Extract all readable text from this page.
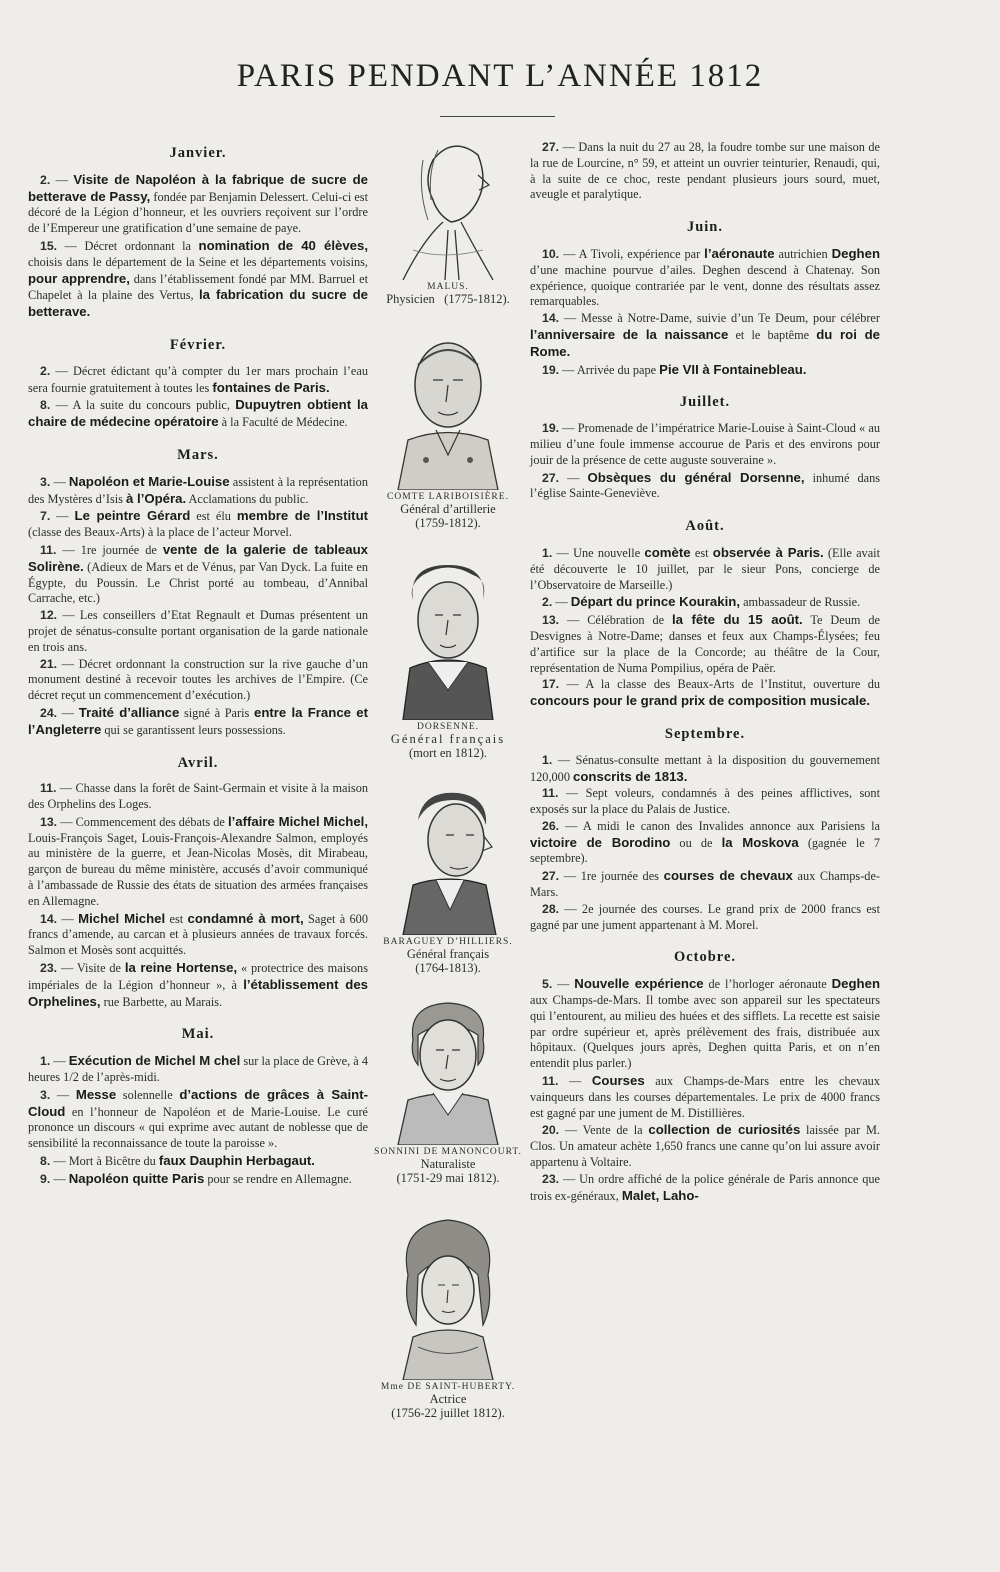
PARIS PENDANT L’ANNÉE 1812
Janvier.
2. — Visite de Napoléon à la fabrique de sucre de betterave de Passy, fondée par Benjamin Delessert. Celui-ci est décoré de la Légion d’honneur, et les ouvriers reçoivent sur l’ordre de l’Empereur une gratification d’une semaine de paye.
15. — Décret ordonnant la nomination de 40 élèves, choisis dans le département de la Seine et les départements voisins, pour apprendre, dans l’établissement fondé par MM. Barruel et Chapelet à la plaine des Vertus, la fabrication du sucre de betterave.
Février.
2. — Décret édictant qu’à compter du 1er mars prochain l’eau sera fournie gratuitement à toutes les fontaines de Paris.
8. — A la suite du concours public, Dupuytren obtient la chaire de médecine opératoire à la Faculté de Médecine.
Mars.
3. — Napoléon et Marie-Louise assistent à la représentation des Mystères d’Isis à l’Opéra. Acclamations du public.
7. — Le peintre Gérard est élu membre de l’Institut (classe des Beaux-Arts) à la place de l’acteur Morvel.
11. — 1re journée de vente de la galerie de tableaux Solirène. (Adieux de Mars et de Vénus, par Van Dyck. La fuite en Égypte, du Poussin. Le Christ porté au tombeau, d’Annibal Carrache, etc.)
12. — Les conseillers d’Etat Regnault et Dumas présentent un projet de sénatus-consulte portant organisation de la garde nationale en trois ans.
21. — Décret ordonnant la construction sur la rive gauche d’un monument destiné à recevoir toutes les archives de l’Empire. (Ce décret reçut un commencement d’exécution.)
24. — Traité d’alliance signé à Paris entre la France et l’Angleterre qui se garantissent leurs possessions.
Avril.
11. — Chasse dans la forêt de Saint-Germain et visite à la maison des Orphelins des Loges.
13. — Commencement des débats de l’affaire Michel Michel, Louis-François Saget, Louis-François-Alexandre Salmon, employés au ministère de la guerre, et Jean-Nicolas Mosès, dit Mirabeau, garçon de bureau du même ministère, accusés d’avoir communiqué à l’ambassade de Russie des états de situation des armées françaises en Allemagne.
14. — Michel Michel est condamné à mort, Saget à 600 francs d’amende, au carcan et à plusieurs années de travaux forcés. Salmon et Mosès sont acquittés.
23. — Visite de la reine Hortense, « protectrice des maisons impériales de la Légion d’honneur », à l’établissement des Orphelines, rue Barbette, au Marais.
Mai.
1. — Exécution de Michel M chel sur la place de Grève, à 4 heures 1/2 de l’après-midi.
3. — Messe solennelle d’actions de grâces à Saint-Cloud en l’honneur de Napoléon et de Marie-Louise. Le curé prononce un discours « qui exprime avec autant de noblesse que de sensibilité la reconnaissance de toute la paroisse ».
8. — Mort à Bicêtre du faux Dauphin Herbagaut.
9. — Napoléon quitte Paris pour se rendre en Allemagne.
MALUS.
Physicien (1775-1812).
COMTE LARIBOISIÈRE.
Général d’artillerie
(1759-1812).
DORSENNE.
Général français
(mort en 1812).
BARAGUEY D’HILLIERS.
Général français
(1764-1813).
SONNINI DE MANONCOURT.
Naturaliste
(1751-29 mai 1812).
Mme DE SAINT-HUBERTY.
Actrice
(1756-22 juillet 1812).
27. — Dans la nuit du 27 au 28, la foudre tombe sur une maison de la rue de Lourcine, n° 59, et atteint un ouvrier teinturier, Renaudi, qui, à la suite de ce choc, reste pendant plusieurs jours sourd, muet, aveugle et paralytique.
Juin.
10. — A Tivoli, expérience par l’aéronaute autrichien Deghen d’une machine pourvue d’ailes. Deghen descend à Chatenay. Son expérience, quoique contrariée par le vent, donne des résultats assez remarquables.
14. — Messe à Notre-Dame, suivie d’un Te Deum, pour célébrer l’anniversaire de la naissance et le baptême du roi de Rome.
19. — Arrivée du pape Pie VII à Fontainebleau.
Juillet.
19. — Promenade de l’impératrice Marie-Louise à Saint-Cloud « au milieu d’une foule immense accourue de Paris et des environs pour jouir de la présence de cette auguste souveraine ».
27. — Obsèques du général Dorsenne, inhumé dans l’église Sainte-Geneviève.
Août.
1. — Une nouvelle comète est observée à Paris. (Elle avait été découverte le 10 juillet, par le sieur Pons, concierge de l’Observatoire de Marseille.)
2. — Départ du prince Kourakin, ambassadeur de Russie.
13. — Célébration de la fête du 15 août. Te Deum de Desvignes à Notre-Dame; danses et feux aux Champs-Élysées; feu d’artifice sur la place de la Concorde; au théâtre de la Cour, représentation de Numa Pompilius, opéra de Paër.
17. — A la classe des Beaux-Arts de l’Institut, ouverture du concours pour le grand prix de composition musicale.
Septembre.
1. — Sénatus-consulte mettant à la disposition du gouvernement 120,000 conscrits de 1813.
11. — Sept voleurs, condamnés à des peines afflictives, sont exposés sur la place du Palais de Justice.
26. — A midi le canon des Invalides annonce aux Parisiens la victoire de Borodino ou de la Moskova (gagnée le 7 septembre).
27. — 1re journée des courses de chevaux aux Champs-de-Mars.
28. — 2e journée des courses. Le grand prix de 2000 francs est gagné par une jument appartenant à M. Morel.
Octobre.
5. — Nouvelle expérience de l’horloger aéronaute Deghen aux Champs-de-Mars. Il tombe avec son appareil sur les spectateurs qui l’entourent, au milieu des huées et des sifflets. La recette est saisie par ordre supérieur et, après prélèvement des frais, distribuée aux hôpitaux. (Quelques jours après, Deghen quitta Paris, et on n’en entendit plus parler.)
11. — Courses aux Champs-de-Mars entre les chevaux vainqueurs dans les courses départementales. Le prix de 4000 francs est gagné par une jument de M. Distillières.
20. — Vente de la collection de curiosités laissée par M. Clos. Un amateur achète 1,650 francs une canne qu’on lui assure avoir appartenu à Voltaire.
23. — Un ordre affiché de la police générale de Paris annonce que trois ex-généraux, Malet, Laho-
